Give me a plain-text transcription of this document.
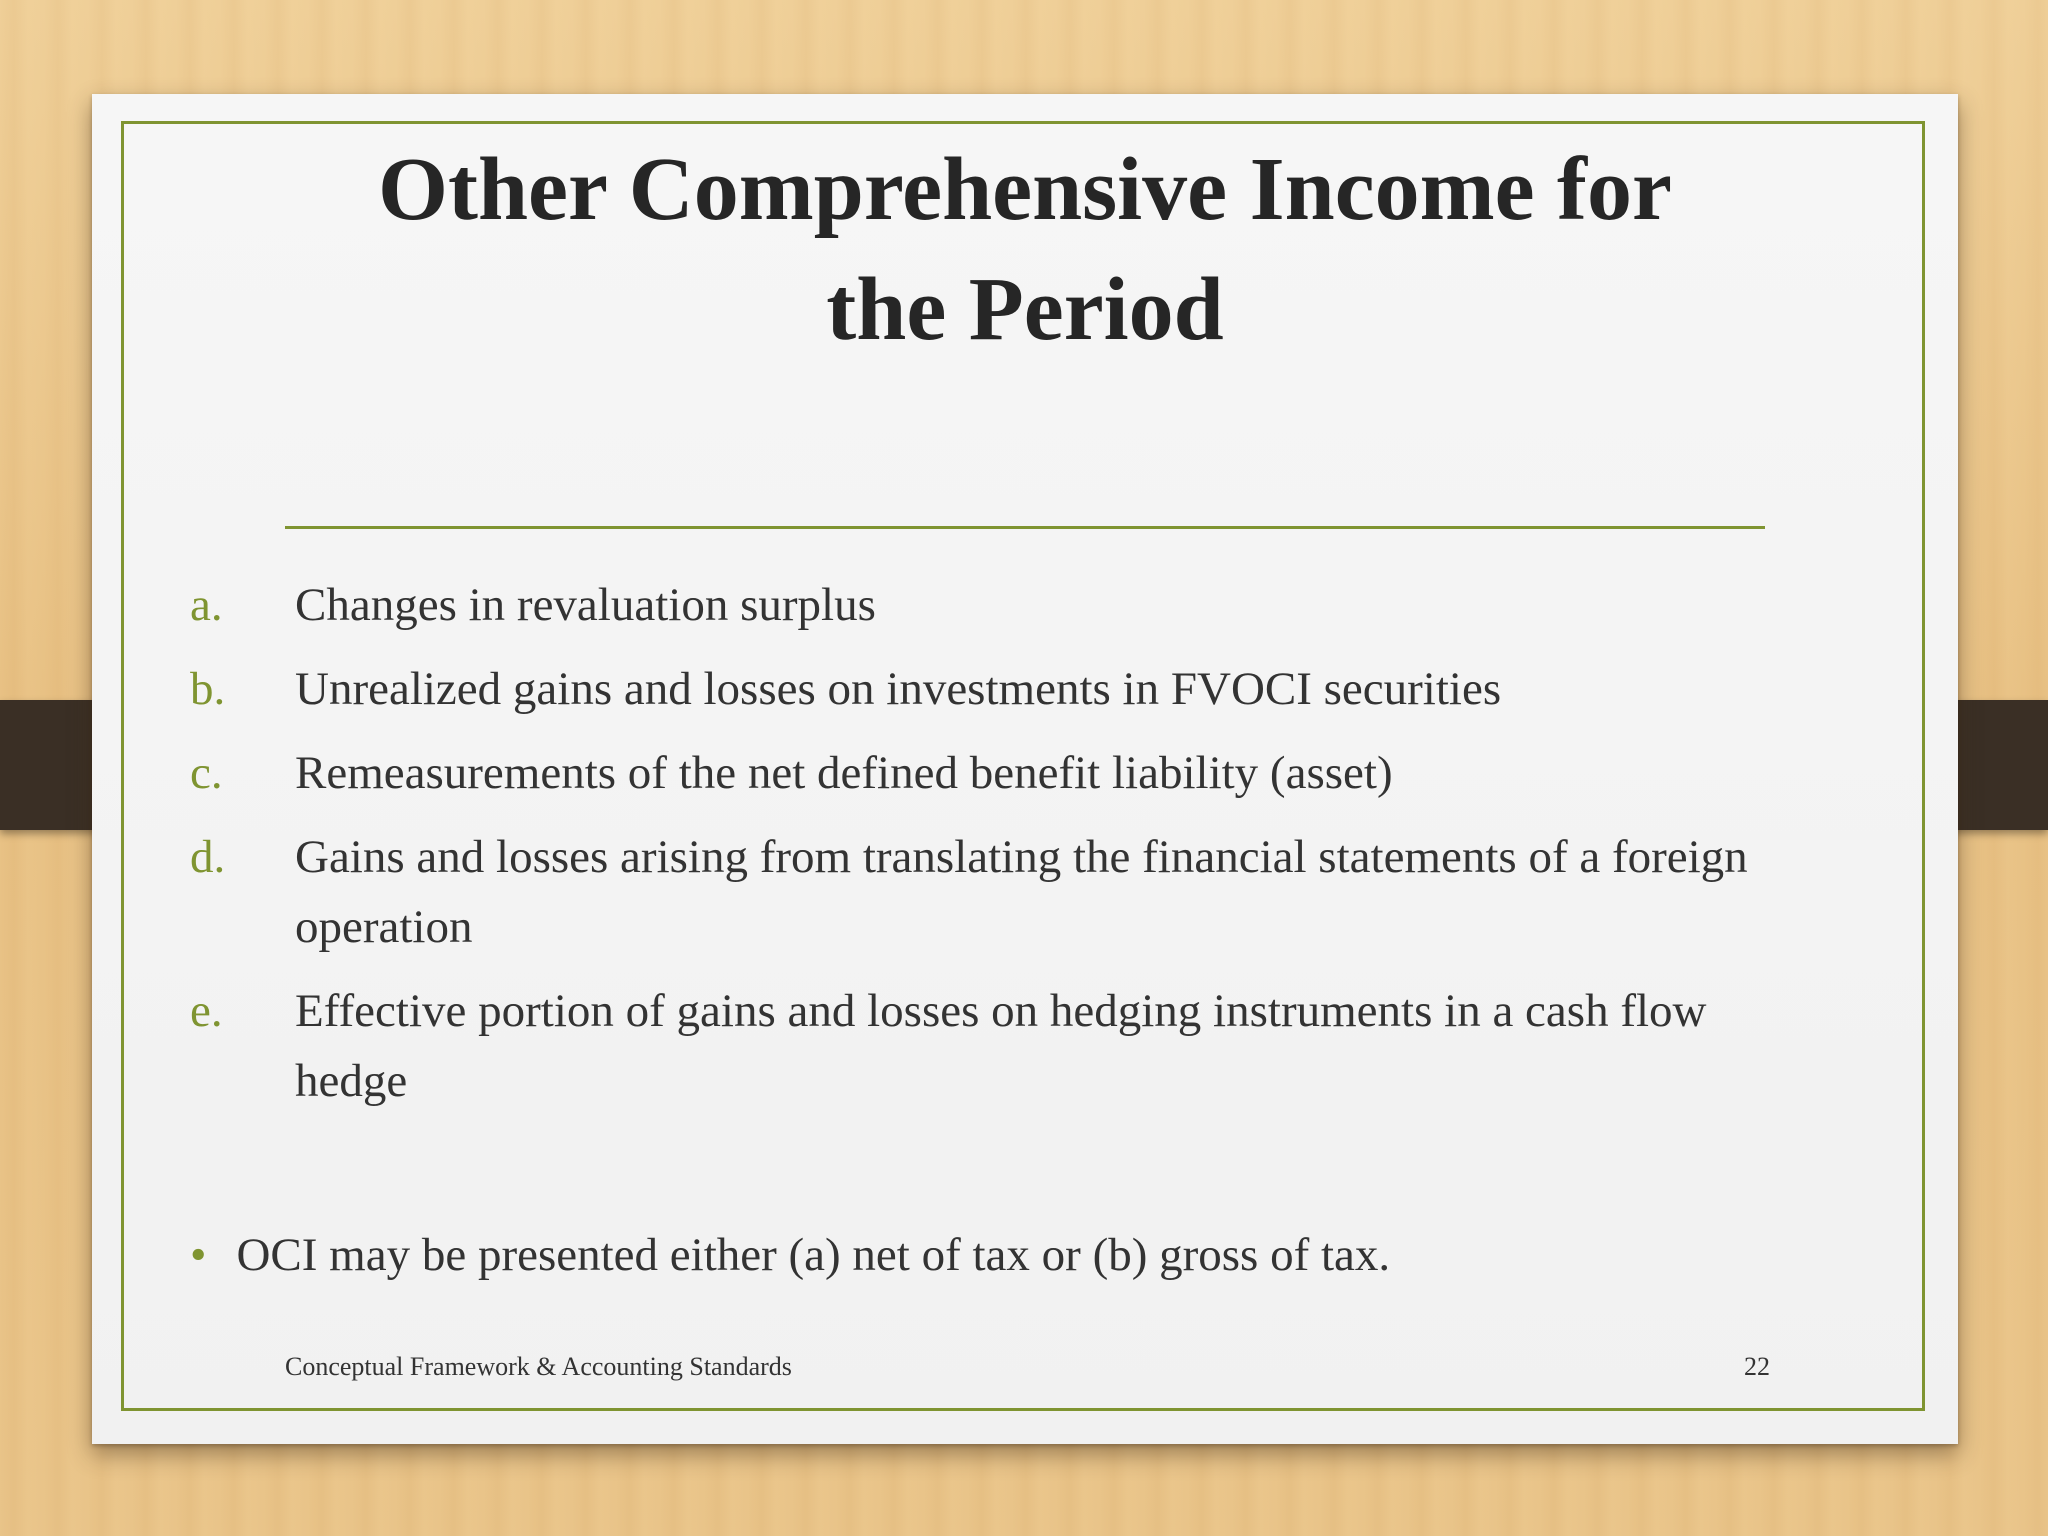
Other Comprehensive Income for
the Period
a. Changes in revaluation surplus
b. Unrealized gains and losses on investments in FVOCI securities
c. Remeasurements of the net defined benefit liability (asset)
d. Gains and losses arising from translating the financial statements of a foreign operation
e. Effective portion of gains and losses on hedging instruments in a cash flow hedge
• OCI may be presented either (a) net of tax or (b) gross of tax.
Conceptual Framework & Accounting Standards	22
